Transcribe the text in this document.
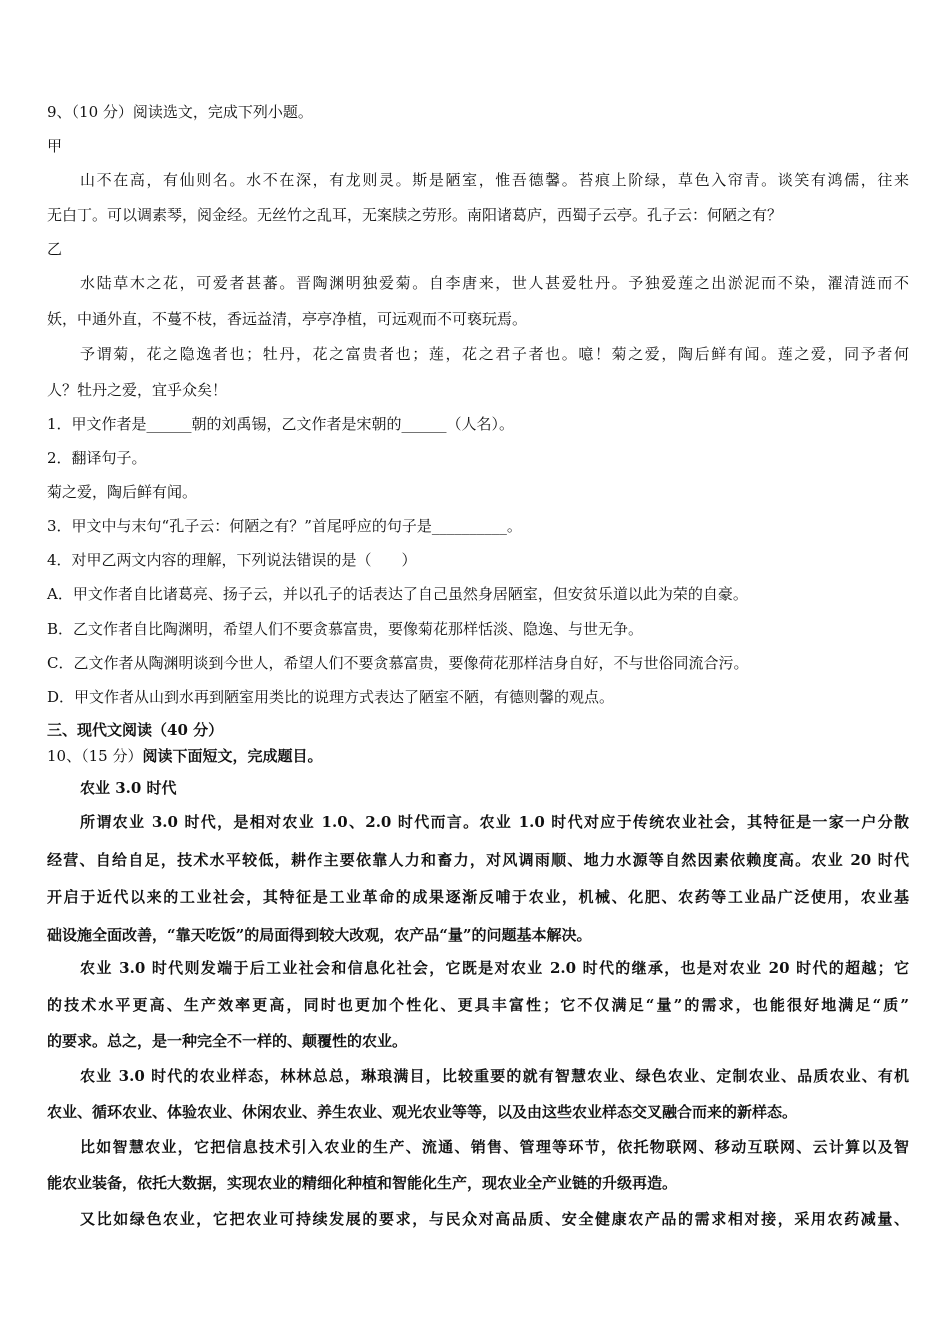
9、（10 分）阅读选文，完成下列小题。
甲
山不在高，有仙则名。水不在深，有龙则灵。斯是陋室，惟吾德馨。苔痕上阶绿，草色入帘青。谈笑有鸿儒，往来
无白丁。可以调素琴，阅金经。无丝竹之乱耳，无案牍之劳形。南阳诸葛庐，西蜀子云亭。孔子云：何陋之有？
乙
水陆草木之花，可爱者甚蕃。晋陶渊明独爱菊。自李唐来，世人甚爱牡丹。予独爱莲之出淤泥而不染，濯清涟而不
妖，中通外直，不蔓不枝，香远益清，亭亭净植，可远观而不可亵玩焉。
予谓菊，花之隐逸者也；牡丹，花之富贵者也；莲，花之君子者也。噫！菊之爱，陶后鲜有闻。莲之爱，同予者何
人？牡丹之爱，宜乎众矣！
1．甲文作者是______朝的刘禹锡，乙文作者是宋朝的______（人名）。
2．翻译句子。
菊之爱，陶后鲜有闻。
3．甲文中与末句“孔子云：何陋之有？”首尾呼应的句子是__________。
4．对甲乙两文内容的理解，下列说法错误的是（　　）
A．甲文作者自比诸葛亮、扬子云，并以孔子的话表达了自己虽然身居陋室，但安贫乐道以此为荣的自豪。
B．乙文作者自比陶渊明，希望人们不要贪慕富贵，要像菊花那样恬淡、隐逸、与世无争。
C．乙文作者从陶渊明谈到今世人，希望人们不要贪慕富贵，要像荷花那样洁身自好，不与世俗同流合污。
D．甲文作者从山到水再到陋室用类比的说理方式表达了陋室不陋，有德则馨的观点。
三、现代文阅读（40 分）
10、（15 分）阅读下面短文，完成题目。
农业 3.0 时代
所谓农业 3.0 时代，是相对农业 1.0、2.0 时代而言。农业 1.0 时代对应于传统农业社会，其特征是一家一户分散
经营、自给自足，技术水平较低，耕作主要依靠人力和畜力，对风调雨顺、地力水源等自然因素依赖度高。农业 20 时代
开启于近代以来的工业社会，其特征是工业革命的成果逐渐反哺于农业，机械、化肥、农药等工业品广泛使用，农业基
础设施全面改善，“靠天吃饭”的局面得到较大改观，农产品“量”的问题基本解决。
农业 3.0 时代则发端于后工业社会和信息化社会，它既是对农业 2.0 时代的继承，也是对农业 20 时代的超越；它
的技术水平更高、生产效率更高，同时也更加个性化、更具丰富性；它不仅满足“量”的需求，也能很好地满足“质”
的要求。总之，是一种完全不一样的、颠覆性的农业。
农业 3.0 时代的农业样态，林林总总，琳琅满目，比较重要的就有智慧农业、绿色农业、定制农业、品质农业、有机
农业、循环农业、体验农业、休闲农业、养生农业、观光农业等等，以及由这些农业样态交叉融合而来的新样态。
比如智慧农业，它把信息技术引入农业的生产、流通、销售、管理等环节，依托物联网、移动互联网、云计算以及智
能农业装备，依托大数据，实现农业的精细化种植和智能化生产，现农业全产业链的升级再造。
又比如绿色农业，它把农业可持续发展的要求，与民众对高品质、安全健康农产品的需求相对接，采用农药减量、
